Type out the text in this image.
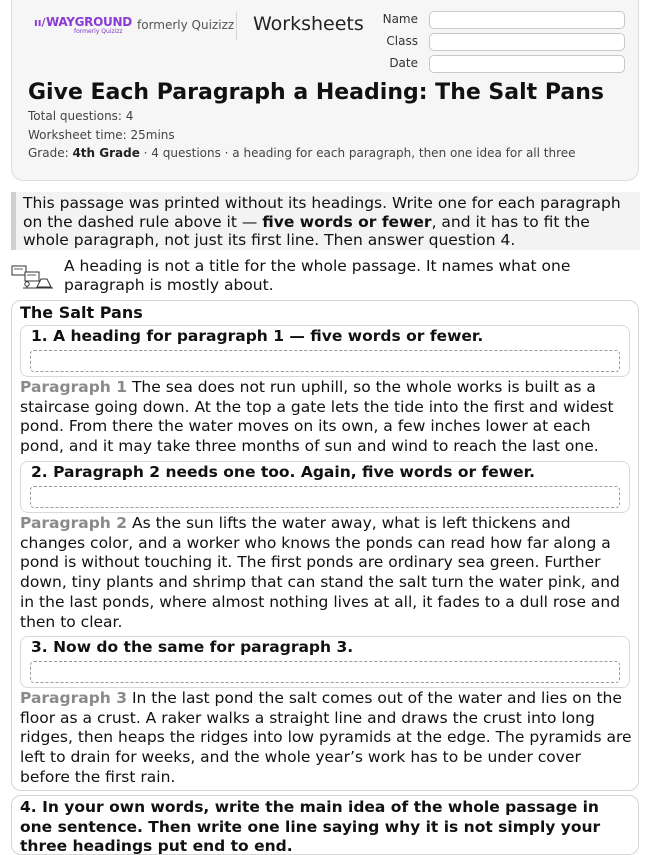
ıı/ WAYGROUND
formerly Quizizz formerly Quizizz Worksheets	Name
Class
Date
Give Each Paragraph a Heading: The Salt Pans
Total questions: 4
Worksheet time: 25mins
Grade: 4th Grade · 4 questions · a heading for each paragraph, then one idea for all three
This passage was printed without its headings. Write one for each paragraph on the dashed rule above it — five words or fewer, and it has to fit the whole paragraph, not just its first line. Then answer question 4.
A heading is not a title for the whole passage. It names what one paragraph is mostly about.
The Salt Pans
1. A heading for paragraph 1 — five words or fewer.
Paragraph 1 The sea does not run uphill, so the whole works is built as a staircase going down. At the top a gate lets the tide into the first and widest pond. From there the water moves on its own, a few inches lower at each pond, and it may take three months of sun and wind to reach the last one.
2. Paragraph 2 needs one too. Again, five words or fewer.
Paragraph 2 As the sun lifts the water away, what is left thickens and changes color, and a worker who knows the ponds can read how far along a pond is without touching it. The first ponds are ordinary sea green. Further down, tiny plants and shrimp that can stand the salt turn the water pink, and in the last ponds, where almost nothing lives at all, it fades to a dull rose and then to clear.
3. Now do the same for paragraph 3.
Paragraph 3 In the last pond the salt comes out of the water and lies on the floor as a crust. A raker walks a straight line and draws the crust into long ridges, then heaps the ridges into low pyramids at the edge. The pyramids are left to drain for weeks, and the whole year’s work has to be under cover before the first rain.
4. In your own words, write the main idea of the whole passage in one sentence. Then write one line saying why it is not simply your three headings put end to end.
